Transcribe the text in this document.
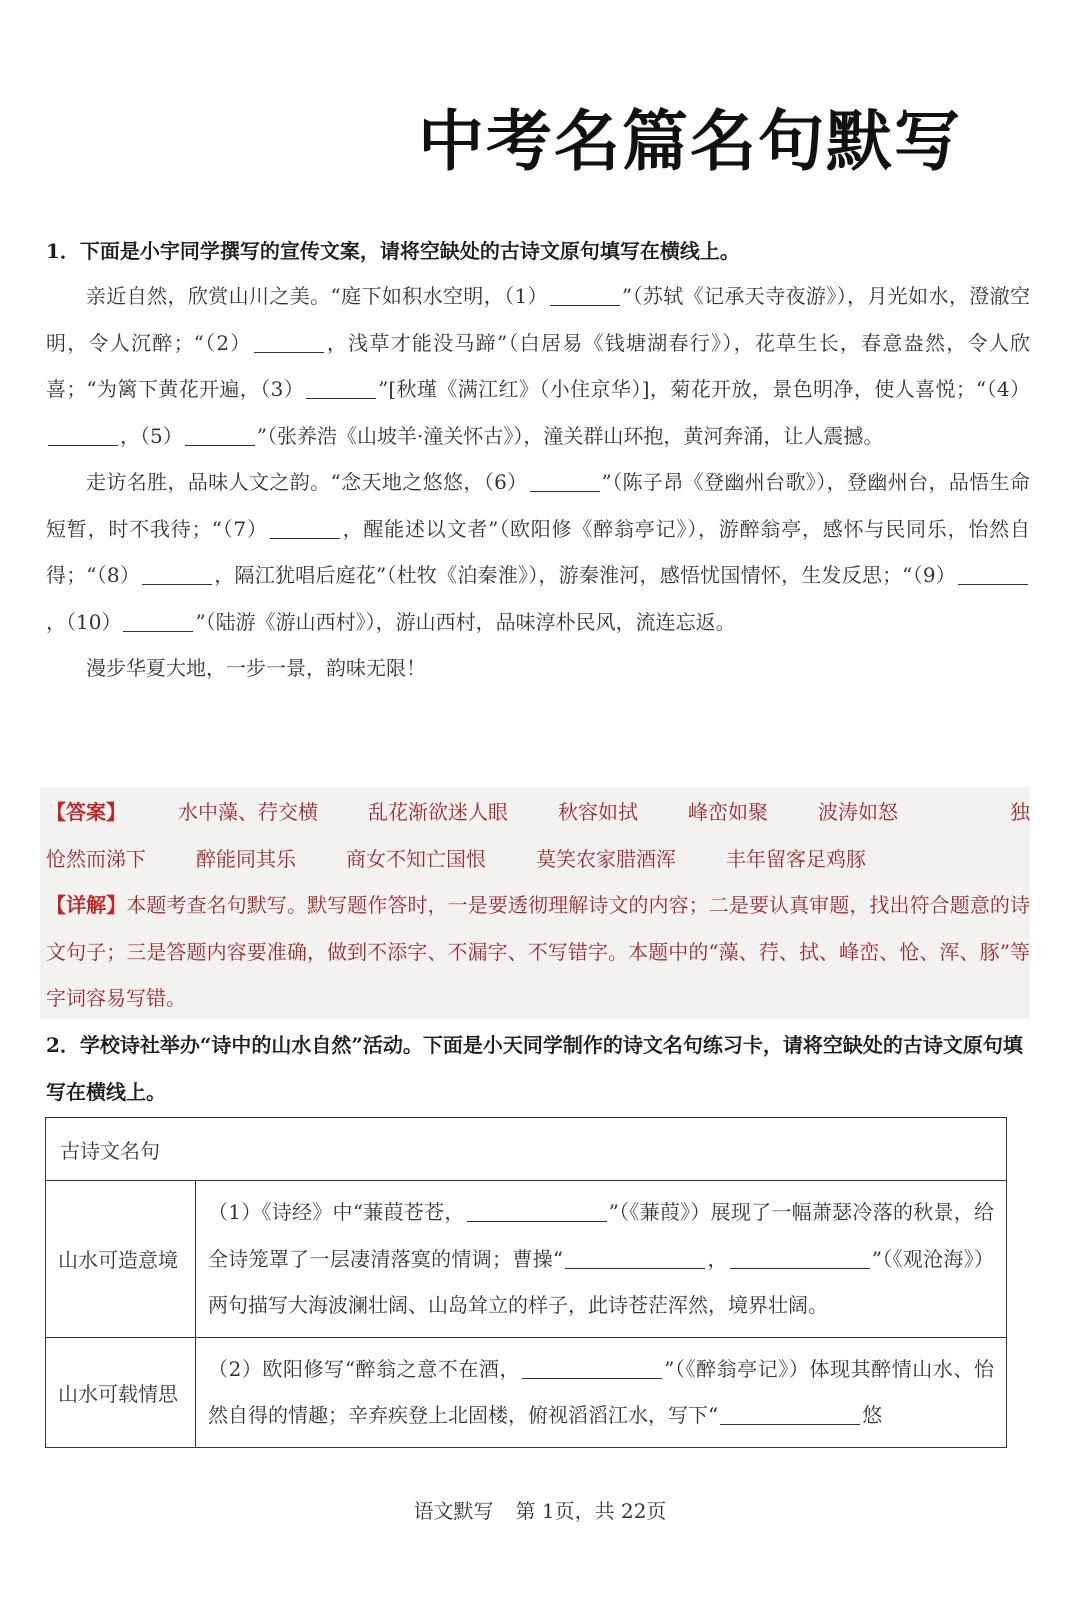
中考名篇名句默写
1．下面是小宇同学撰写的宣传文案，请将空缺处的古诗文原句填写在横线上。

亲近自然，欣赏山川之美。“庭下如积水空明，（1）	”（苏轼《记承天寺夜游》），月光如水，澄澈空明，令人沉醉；“（2）	，浅草才能没马蹄”（白居易《钱塘湖春行》），花草生长，春意盎然，令人欣喜；“为篱下黄花开遍，（3）	”[秋瑾《满江红》（小住京华）]，菊花开放，景色明净，使人喜悦；“（4），（5）	”（张养浩《山坡羊·潼关怀古》），潼关群山环抱，黄河奔涌，让人震撼。

走访名胜，品味人文之韵。“念天地之悠悠，（6）	”（陈子昂《登幽州台歌》），登幽州台，品悟生命短暂，时不我待；“（7）	，醒能述以文者”（欧阳修《醉翁亭记》），游醉翁亭，感怀与民同乐，怡然自得；“（8）	，隔江犹唱后庭花”（杜牧《泊秦淮》），游秦淮河，感悟忧国情怀，生发反思；“（9），（10）	”（陆游《游山西村》），游山西村，品味淳朴民风，流连忘返。

漫步华夏大地，一步一景，韵味无限！

【答案】	水中藻、荇交横	乱花渐欲迷人眼	秋容如拭	峰峦如聚	波涛如怒	独
怆然而涕下	醉能同其乐	商女不知亡国恨	莫笑农家腊酒浑	丰年留客足鸡豚
【详解】本题考查名句默写。默写题作答时，一是要透彻理解诗文的内容；二是要认真审题，找出符合题意的诗文句子；三是答题内容要准确，做到不添字、不漏字、不写错字。本题中的“藻、荇、拭、峰峦、怆、浑、豚”等字词容易写错。
2．学校诗社举办“诗中的山水自然”活动。下面是小天同学制作的诗文名句练习卡，请将空缺处的古诗文原句填写在横线上。
古诗文名句	
山水可造意境	（1）《诗经》中“蒹葭苍苍， ”（《蒹葭》）展现了一幅萧瑟冷落的秋景，给全诗笼罩了一层凄清落寞的情调；曹操“ ， ”（《观沧海》）两句描写大海波澜壮阔、山岛耸立的样子，此诗苍茫浑然，境界壮阔。
山水可载情思	（2）欧阳修写“醉翁之意不在酒， ”（《醉翁亭记》）体现其醉情山水、怡然自得的情趣；辛弃疾登上北固楼，俯视滔滔江水，写下“ 悠
语文默写 第 1页，共 22页
